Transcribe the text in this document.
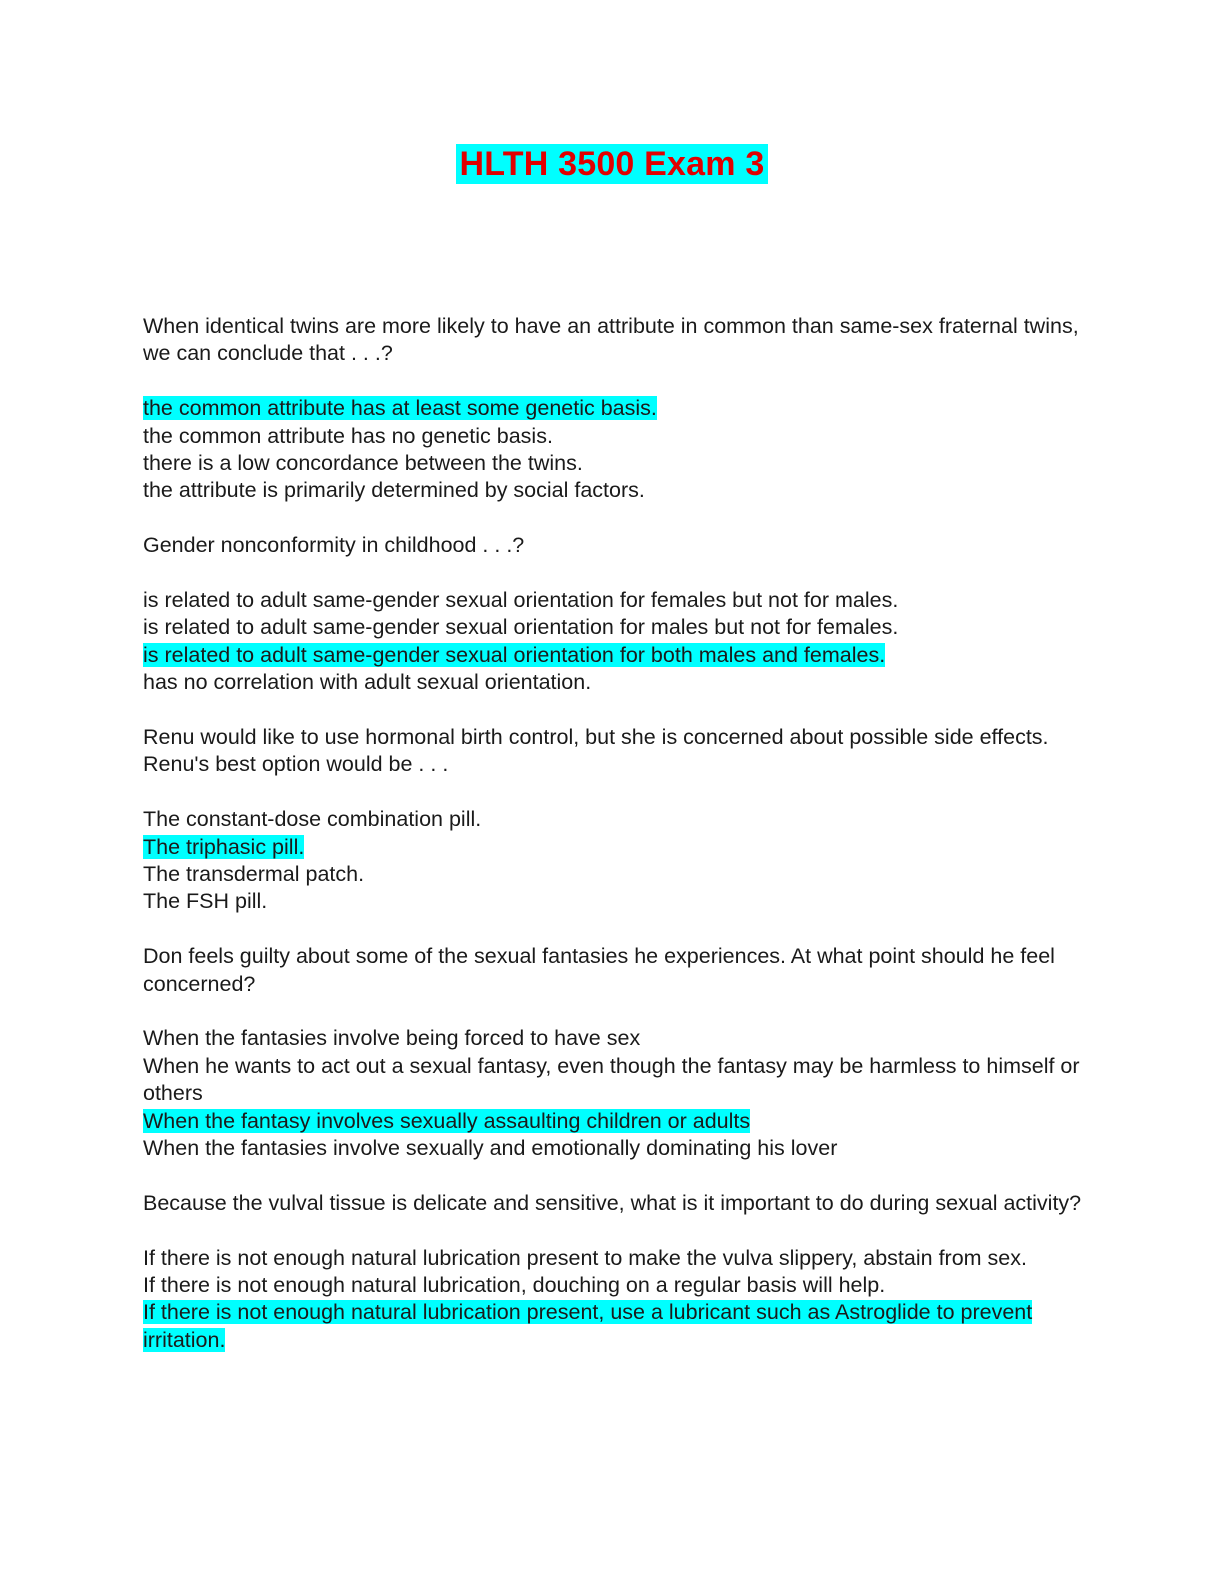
HLTH 3500 Exam 3
When identical twins are more likely to have an attribute in common than same-sex fraternal twins, we can conclude that . . .?
the common attribute has at least some genetic basis.
the common attribute has no genetic basis.
there is a low concordance between the twins.
the attribute is primarily determined by social factors.
Gender nonconformity in childhood . . .?
is related to adult same-gender sexual orientation for females but not for males.
is related to adult same-gender sexual orientation for males but not for females.
is related to adult same-gender sexual orientation for both males and females.
has no correlation with adult sexual orientation.
Renu would like to use hormonal birth control, but she is concerned about possible side effects. Renu's best option would be . . .
The constant-dose combination pill.
The triphasic pill.
The transdermal patch.
The FSH pill.
Don feels guilty about some of the sexual fantasies he experiences. At what point should he feel concerned?
When the fantasies involve being forced to have sex
When he wants to act out a sexual fantasy, even though the fantasy may be harmless to himself or others
When the fantasy involves sexually assaulting children or adults
When the fantasies involve sexually and emotionally dominating his lover
Because the vulval tissue is delicate and sensitive, what is it important to do during sexual activity?
If there is not enough natural lubrication present to make the vulva slippery, abstain from sex.
If there is not enough natural lubrication, douching on a regular basis will help.
If there is not enough natural lubrication present, use a lubricant such as Astroglide to prevent irritation.
